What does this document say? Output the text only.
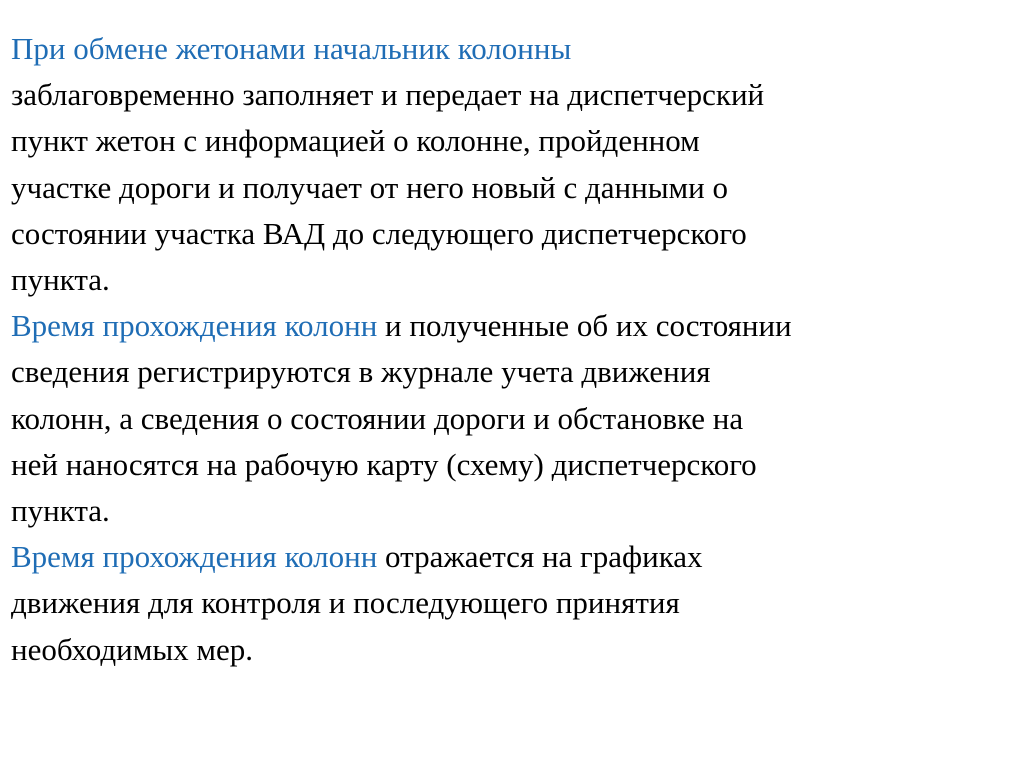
При обмене жетонами начальник колонны
заблаговременно заполняет и передает на диспетчерский
пункт жетон с информацией о колонне, пройденном
участке дороги и получает от него новый с данными о
состоянии участка ВАД до следующего диспетчерского
пункта.

Время прохождения колонн и полученные об их состоянии
сведения регистрируются в журнале учета движения
колонн, а сведения о состоянии дороги и обстановке на
ней наносятся на рабочую карту (схему) диспетчерского
пункта.

Время прохождения колонн отражается на графиках
движения для контроля и последующего принятия
необходимых мер.
